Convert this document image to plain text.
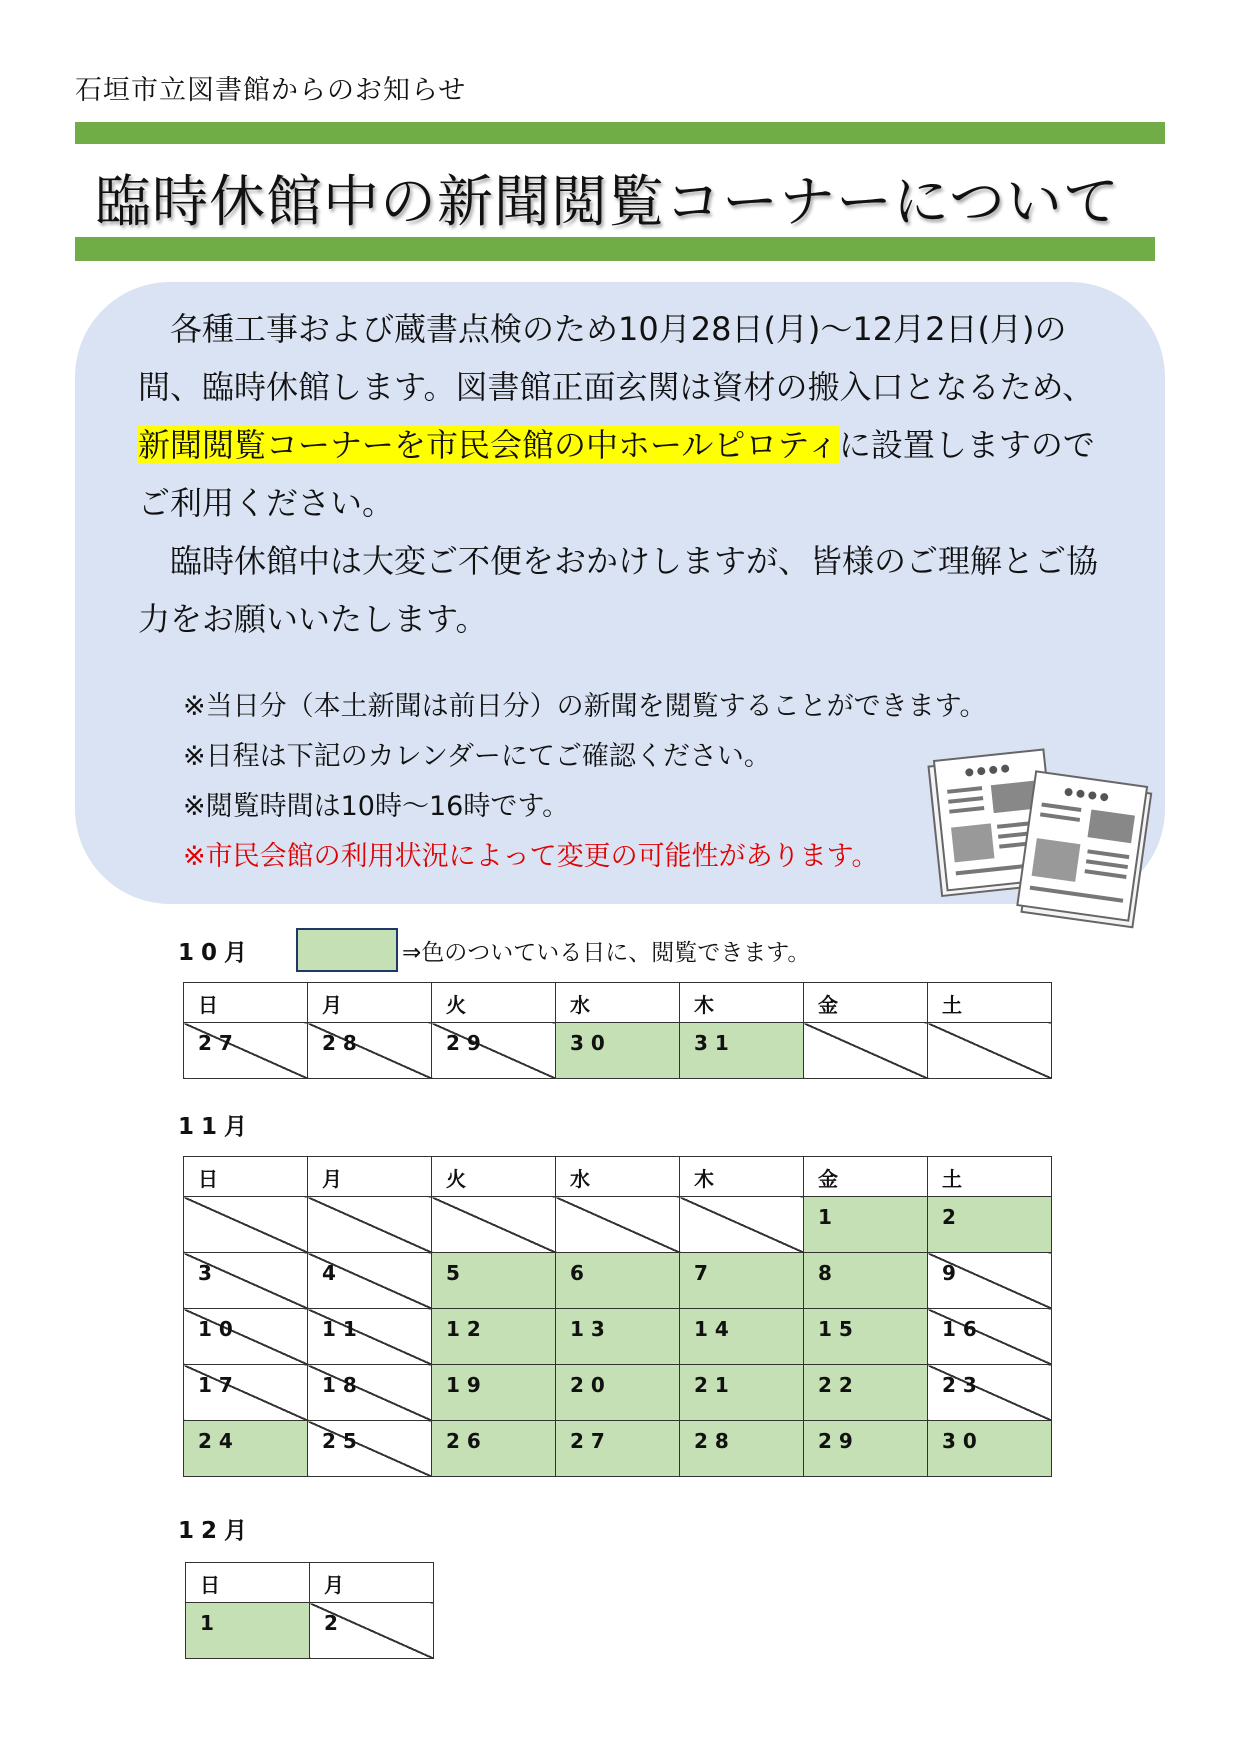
石垣市立図書館からのお知らせ
臨時休館中の新聞閲覧コーナーについて

　各種工事および蔵書点検のため10月28日(月)～12月2日(月)の間、臨時休館します。図書館正面玄関は資材の搬入口となるため、新聞閲覧コーナーを市民会館の中ホールピロティに設置しますのでご利用ください。

　臨時休館中は大変ご不便をおかけしますが、皆様のご理解とご協力をお願いいたします。

※当日分（本土新聞は前日分）の新聞を閲覧することができます。
※日程は下記のカレンダーにてご確認ください。
※閲覧時間は10時～16時です。
※市民会館の利用状況によって変更の可能性があります。
10月	⇒色のついている日に、閲覧できます。
日	月	火	水	木	金	土

27	28	29	30	31		

11月
日	月	火	水	木	金	土

					1	2

3	4	5	6	7	8	9

10	11	12	13	14	15	16

17	18	19	20	21	22	23

24	25	26	27	28	29	30
12月
日	月

1	2
